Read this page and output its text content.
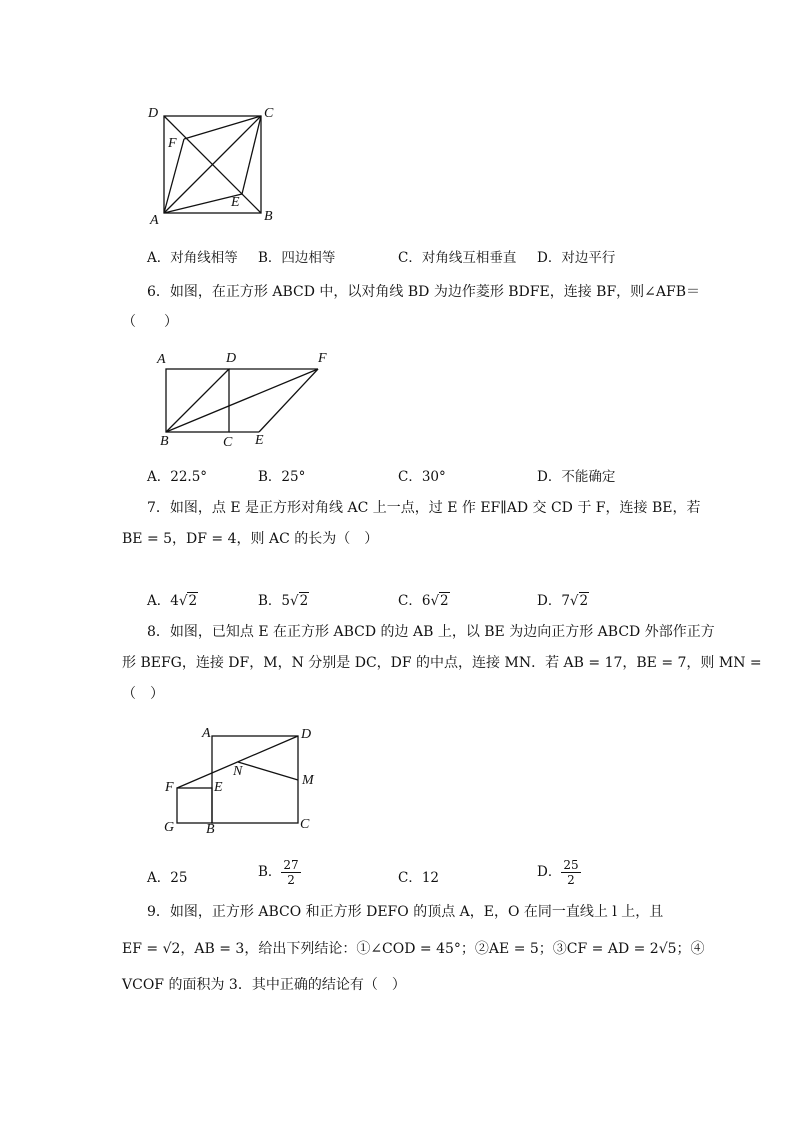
D	C
F
A
E
B
A．对角线相等 B．四边相等	C．对角线互相垂直 D．对边平行
6．如图，在正方形 ABCD 中，以对角线 BD 为边作菱形 BDFE，连接 BF，则∠AFB＝
（　　）
A	D	F
B	C E
A．22.5°	B．25°	C．30°	D．不能确定
7．如图，点 E 是正方形对角线 AC 上一点，过 E 作 EF∥AD 交 CD 于 F，连接 BE，若
BE = 5，DF = 4，则 AC 的长为（　）
A．4√2	B．5√2	C．6√2	D．7√2
8．如图，已知点 E 在正方形 ABCD 的边 AB 上，以 BE 为边向正方形 ABCD 外部作正方
形 BEFG，连接 DF，M，N 分别是 DC，DF 的中点，连接 MN．若 AB = 17，BE = 7，则 MN =
（　）
A	D
N
M
F	E
G B	C
A．25	B． $\frac{27}{2}$	C．12	D． $\frac{25}{2}$
9．如图，正方形 ABCO 和正方形 DEFO 的顶点 A，E，O 在同一直线上 l 上，且
EF = √2，AB = 3，给出下列结论：①∠COD = 45°；②AE = 5；③CF = AD = 2√5；④
VCOF 的面积为 3．其中正确的结论有（　）
